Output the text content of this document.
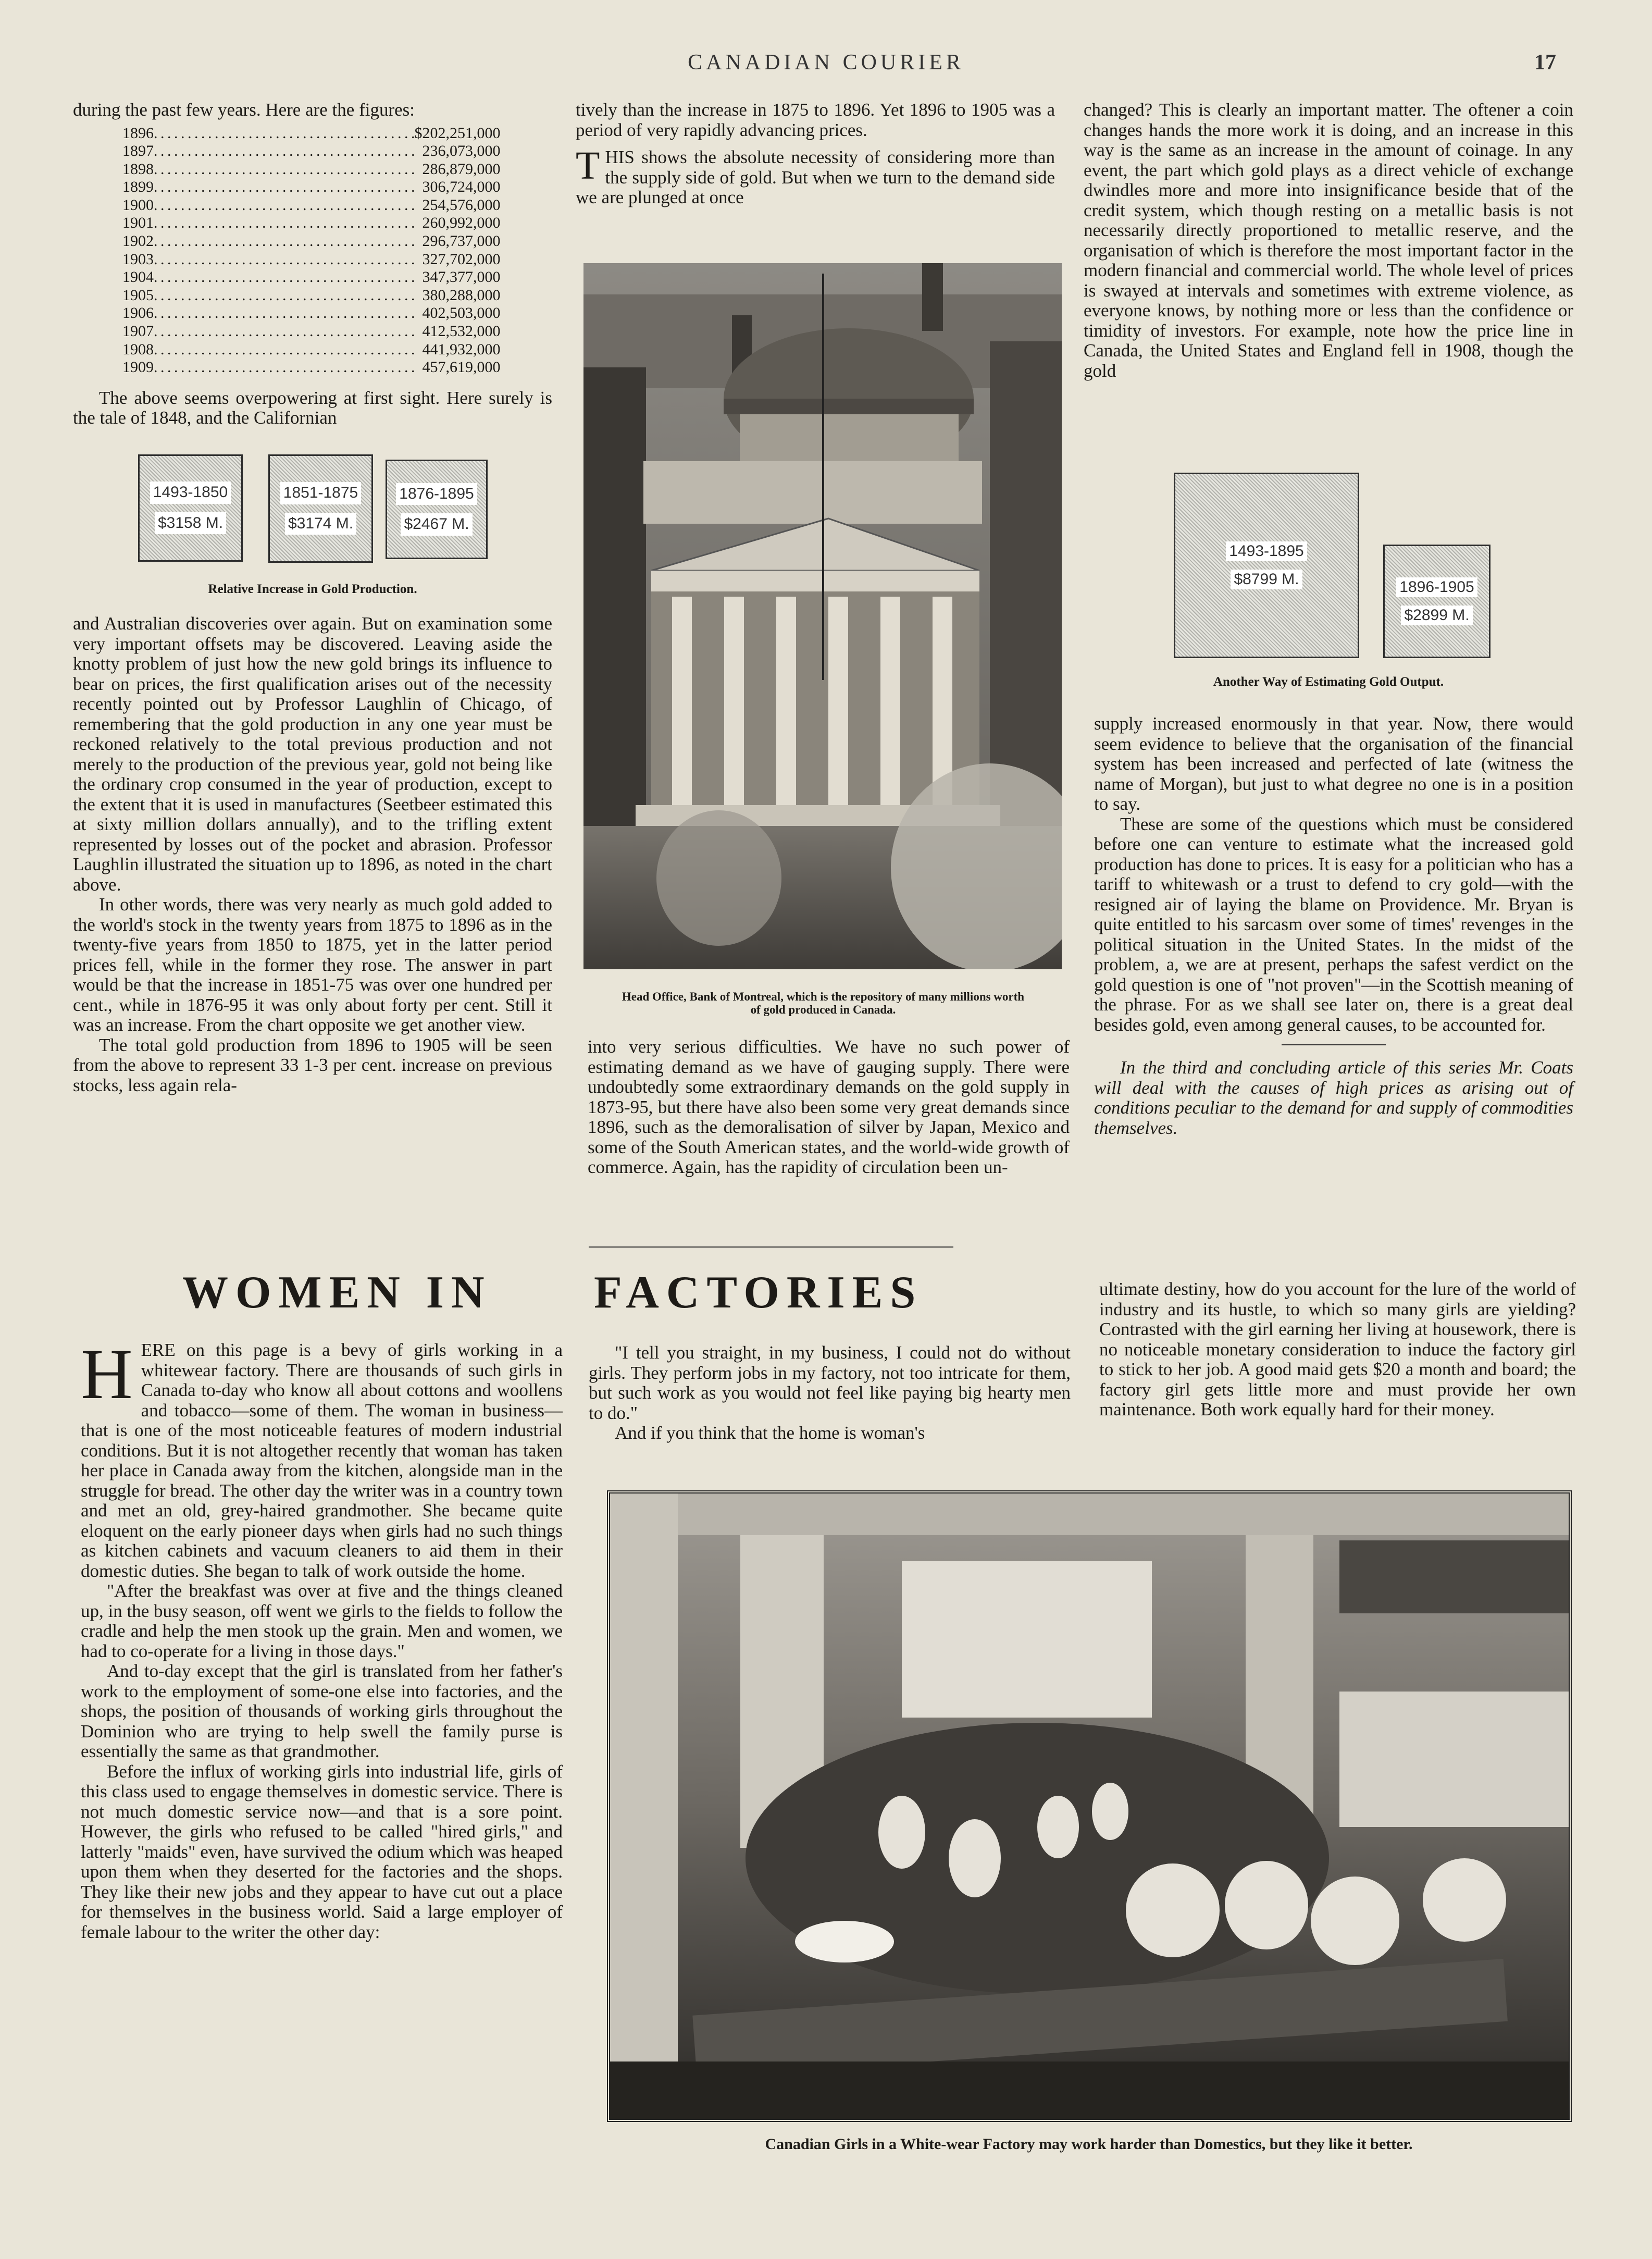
CANADIAN COURIER	17

during the past few years. Here are the figures:

1896	. . .	$202,251,000
1897	. . .	236,073,000
1898	. . .	286,879,000
1899	. . .	306,724,000
1900	. . .	254,576,000
1901	. . .	260,992,000
1902	. . .	296,737,000
1903	. . .	327,702,000
1904	. . .	347,377,000
1905	. . .	380,288,000
1906	. . .	402,503,000
1907	. . .	412,532,000
1908	. . .	441,932,000
1909	. . .	457,619,000

The above seems overpowering at first sight. Here surely is the tale of 1848, and the Californian

1493-1850
$3158 M.
1851-1875
$3174 M.
1876-1895
$2467 M.
Relative Increase in Gold Production.

and Australian discoveries over again. But on examination some very important offsets may be discovered. Leaving aside the knotty problem of just how the new gold brings its influence to bear on prices, the first qualification arises out of the necessity recently pointed out by Professor Laughlin of Chicago, of remembering that the gold production in any one year must be reckoned relatively to the total previous production and not merely to the production of the previous year, gold not being like the ordinary crop consumed in the year of production, except to the extent that it is used in manufactures (Seetbeer estimated this at sixty million dollars annually), and to the trifling extent represented by losses out of the pocket and abrasion. Professor Laughlin illustrated the situation up to 1896, as noted in the chart above.

In other words, there was very nearly as much gold added to the world's stock in the twenty years from 1875 to 1896 as in the twenty-five years from 1850 to 1875, yet in the latter period prices fell, while in the former they rose. The answer in part would be that the increase in 1851-75 was over one hundred per cent., while in 1876-95 it was only about forty per cent. Still it was an increase. From the chart opposite we get another view.

The total gold production from 1896 to 1905 will be seen from the above to represent 33 1-3 per cent. increase on previous stocks, less again rela-

tively than the increase in 1875 to 1896. Yet 1896 to 1905 was a period of very rapidly advancing prices.

THIS shows the absolute necessity of considering more than the supply side of gold. But when we turn to the demand side we are plunged at once

Head Office, Bank of Montreal, which is the repository of many millions worth of gold produced in Canada.

into very serious difficulties. We have no such power of estimating demand as we have of gauging supply. There were undoubtedly some extraordinary demands on the gold supply in 1873-95, but there have also been some very great demands since 1896, such as the demoralisation of silver by Japan, Mexico and some of the South American states, and the world-wide growth of commerce. Again, has the rapidity of circulation been un-

changed? This is clearly an important matter. The oftener a coin changes hands the more work it is doing, and an increase in this way is the same as an increase in the amount of coinage. In any event, the part which gold plays as a direct vehicle of exchange dwindles more and more into insignificance beside that of the credit system, which though resting on a metallic basis is not necessarily directly proportioned to metallic reserve, and the organisation of which is therefore the most important factor in the modern financial and commercial world. The whole level of prices is swayed at intervals and sometimes with extreme violence, as everyone knows, by nothing more or less than the confidence or timidity of investors. For example, note how the price line in Canada, the United States and England fell in 1908, though the gold

1493-1895
$8799 M.	1896-1905
$2899 M.
Another Way of Estimating Gold Output.

supply increased enormously in that year. Now, there would seem evidence to believe that the organisation of the financial system has been increased and perfected of late (witness the name of Morgan), but just to what degree no one is in a position to say.

These are some of the questions which must be considered before one can venture to estimate what the increased gold production has done to prices. It is easy for a politician who has a tariff to whitewash or a trust to defend to cry gold—with the resigned air of laying the blame on Providence. Mr. Bryan is quite entitled to his sarcasm over some of times' revenges in the political situation in the United States. In the midst of the problem, a, we are at present, perhaps the safest verdict on the gold question is one of "not proven"—in the Scottish meaning of the phrase. For as we shall see later on, there is a great deal besides gold, even among general causes, to be accounted for.

In the third and concluding article of this series Mr. Coats will deal with the causes of high prices as arising out of conditions peculiar to the demand for and supply of commodities themselves.

WOMEN IN FACTORIES

HERE on this page is a bevy of girls working in a whitewear factory. There are thousands of such girls in Canada to-day who know all about cottons and woollens and tobacco—some of them. The woman in business—that is one of the most noticeable features of modern industrial conditions. But it is not altogether recently that woman has taken her place in Canada away from the kitchen, alongside man in the struggle for bread. The other day the writer was in a country town and met an old, grey-haired grandmother. She became quite eloquent on the early pioneer days when girls had no such things as kitchen cabinets and vacuum cleaners to aid them in their domestic duties. She began to talk of work outside the home.

"After the breakfast was over at five and the things cleaned up, in the busy season, off went we girls to the fields to follow the cradle and help the men stook up the grain. Men and women, we had to co-operate for a living in those days."

And to-day except that the girl is translated from her father's work to the employment of some-one else into factories, and the shops, the position of thousands of working girls throughout the Dominion who are trying to help swell the family purse is essentially the same as that grandmother.

Before the influx of working girls into industrial life, girls of this class used to engage themselves in domestic service. There is not much domestic service now—and that is a sore point. However, the girls who refused to be called "hired girls," and latterly "maids" even, have survived the odium which was heaped upon them when they deserted for the factories and the shops. They like their new jobs and they appear to have cut out a place for themselves in the business world. Said a large employer of female labour to the writer the other day:

"I tell you straight, in my business, I could not do without girls. They perform jobs in my factory, not too intricate for them, but such work as you would not feel like paying big hearty men to do."

And if you think that the home is woman's

ultimate destiny, how do you account for the lure of the world of industry and its hustle, to which so many girls are yielding? Contrasted with the girl earning her living at housework, there is no noticeable monetary consideration to induce the factory girl to stick to her job. A good maid gets $20 a month and board; the factory girl gets little more and must provide her own maintenance. Both work equally hard for their money.

Canadian Girls in a White-wear Factory may work harder than Domestics, but they like it better.
